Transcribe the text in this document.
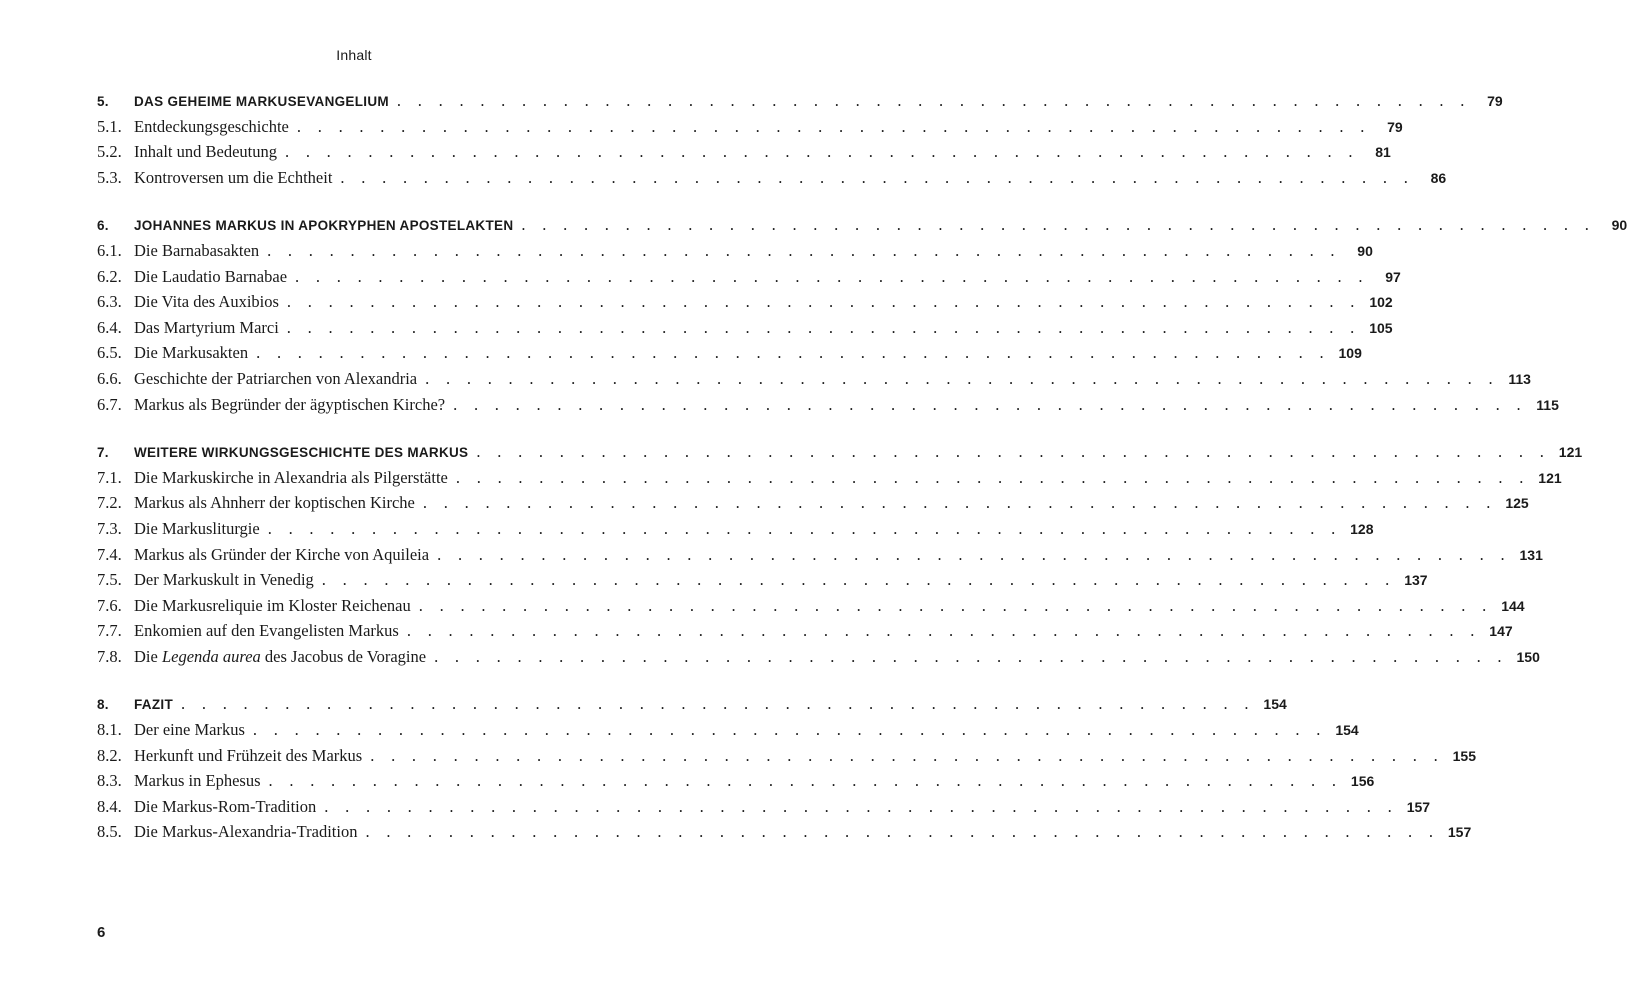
Inhalt
5.	DAS GEHEIME MARKUSEVANGELIUM . . . . . . . . . . . . . . . . . . . . . . . . . . . . . . . . . . . . . . . . . . . . . . . . . . . .	79
5.1. Entdeckungsgeschichte . . . . . . . . . . . . . . . . . . . . . . . . . . . . . . . . . . . . . . . . . . . . . . . . . . . .	79
5.2. Inhalt und Bedeutung . . . . . . . . . . . . . . . . . . . . . . . . . . . . . . . . . . . . . . . . . . . . . . . . . . . .	81
5.3. Kontroversen um die Echtheit . . . . . . . . . . . . . . . . . . . . . . . . . . . . . . . . . . . . . . . . . . . . . . . . . . . .	86
6.	JOHANNES MARKUS IN APOKRYPHEN APOSTELAKTEN . . . . . . . . . . . . . . . . . . . . . . . . . . . . . . . . . . . . . . . . . . . . . . . . . . . .	90
6.1. Die Barnabasakten . . . . . . . . . . . . . . . . . . . . . . . . . . . . . . . . . . . . . . . . . . . . . . . . . . . .	90
6.2. Die Laudatio Barnabae . . . . . . . . . . . . . . . . . . . . . . . . . . . . . . . . . . . . . . . . . . . . . . . . . . . .	97
6.3. Die Vita des Auxibios . . . . . . . . . . . . . . . . . . . . . . . . . . . . . . . . . . . . . . . . . . . . . . . . . . . . 102
6.4. Das Martyrium Marci . . . . . . . . . . . . . . . . . . . . . . . . . . . . . . . . . . . . . . . . . . . . . . . . . . . . 105
6.5. Die Markusakten . . . . . . . . . . . . . . . . . . . . . . . . . . . . . . . . . . . . . . . . . . . . . . . . . . . . 109
6.6. Geschichte der Patriarchen von Alexandria . . . . . . . . . . . . . . . . . . . . . . . . . . . . . . . . . . . . . . . . . . . . . . . . . . . . 113
6.7. Markus als Begründer der ägyptischen Kirche? . . . . . . . . . . . . . . . . . . . . . . . . . . . . . . . . . . . . . . . . . . . . . . . . . . . . 115
7.	WEITERE WIRKUNGSGESCHICHTE DES MARKUS . . . . . . . . . . . . . . . . . . . . . . . . . . . . . . . . . . . . . . . . . . . . . . . . . . . . 121
7.1. Die Markuskirche in Alexandria als Pilgerstätte . . . . . . . . . . . . . . . . . . . . . . . . . . . . . . . . . . . . . . . . . . . . . . . . . . . . 121
7.2. Markus als Ahnherr der koptischen Kirche . . . . . . . . . . . . . . . . . . . . . . . . . . . . . . . . . . . . . . . . . . . . . . . . . . . . 125
7.3. Die Markusliturgie . . . . . . . . . . . . . . . . . . . . . . . . . . . . . . . . . . . . . . . . . . . . . . . . . . . . 128
7.4. Markus als Gründer der Kirche von Aquileia . . . . . . . . . . . . . . . . . . . . . . . . . . . . . . . . . . . . . . . . . . . . . . . . . . . . 131
7.5. Der Markuskult in Venedig . . . . . . . . . . . . . . . . . . . . . . . . . . . . . . . . . . . . . . . . . . . . . . . . . . . . 137
7.6. Die Markusreliquie im Kloster Reichenau . . . . . . . . . . . . . . . . . . . . . . . . . . . . . . . . . . . . . . . . . . . . . . . . . . . . 144
7.7. Enkomien auf den Evangelisten Markus . . . . . . . . . . . . . . . . . . . . . . . . . . . . . . . . . . . . . . . . . . . . . . . . . . . . 147
7.8. Die Legenda aurea des Jacobus de Voragine . . . . . . . . . . . . . . . . . . . . . . . . . . . . . . . . . . . . . . . . . . . . . . . . . . . . 150
8.	FAZIT . . . . . . . . . . . . . . . . . . . . . . . . . . . . . . . . . . . . . . . . . . . . . . . . . . . . 154
8.1. Der eine Markus . . . . . . . . . . . . . . . . . . . . . . . . . . . . . . . . . . . . . . . . . . . . . . . . . . . . 154
8.2. Herkunft und Frühzeit des Markus . . . . . . . . . . . . . . . . . . . . . . . . . . . . . . . . . . . . . . . . . . . . . . . . . . . . 155
8.3. Markus in Ephesus . . . . . . . . . . . . . . . . . . . . . . . . . . . . . . . . . . . . . . . . . . . . . . . . . . . . 156
8.4. Die Markus-Rom-Tradition . . . . . . . . . . . . . . . . . . . . . . . . . . . . . . . . . . . . . . . . . . . . . . . . . . . . 157
8.5. Die Markus-Alexandria-Tradition . . . . . . . . . . . . . . . . . . . . . . . . . . . . . . . . . . . . . . . . . . . . . . . . . . . . 157
6
